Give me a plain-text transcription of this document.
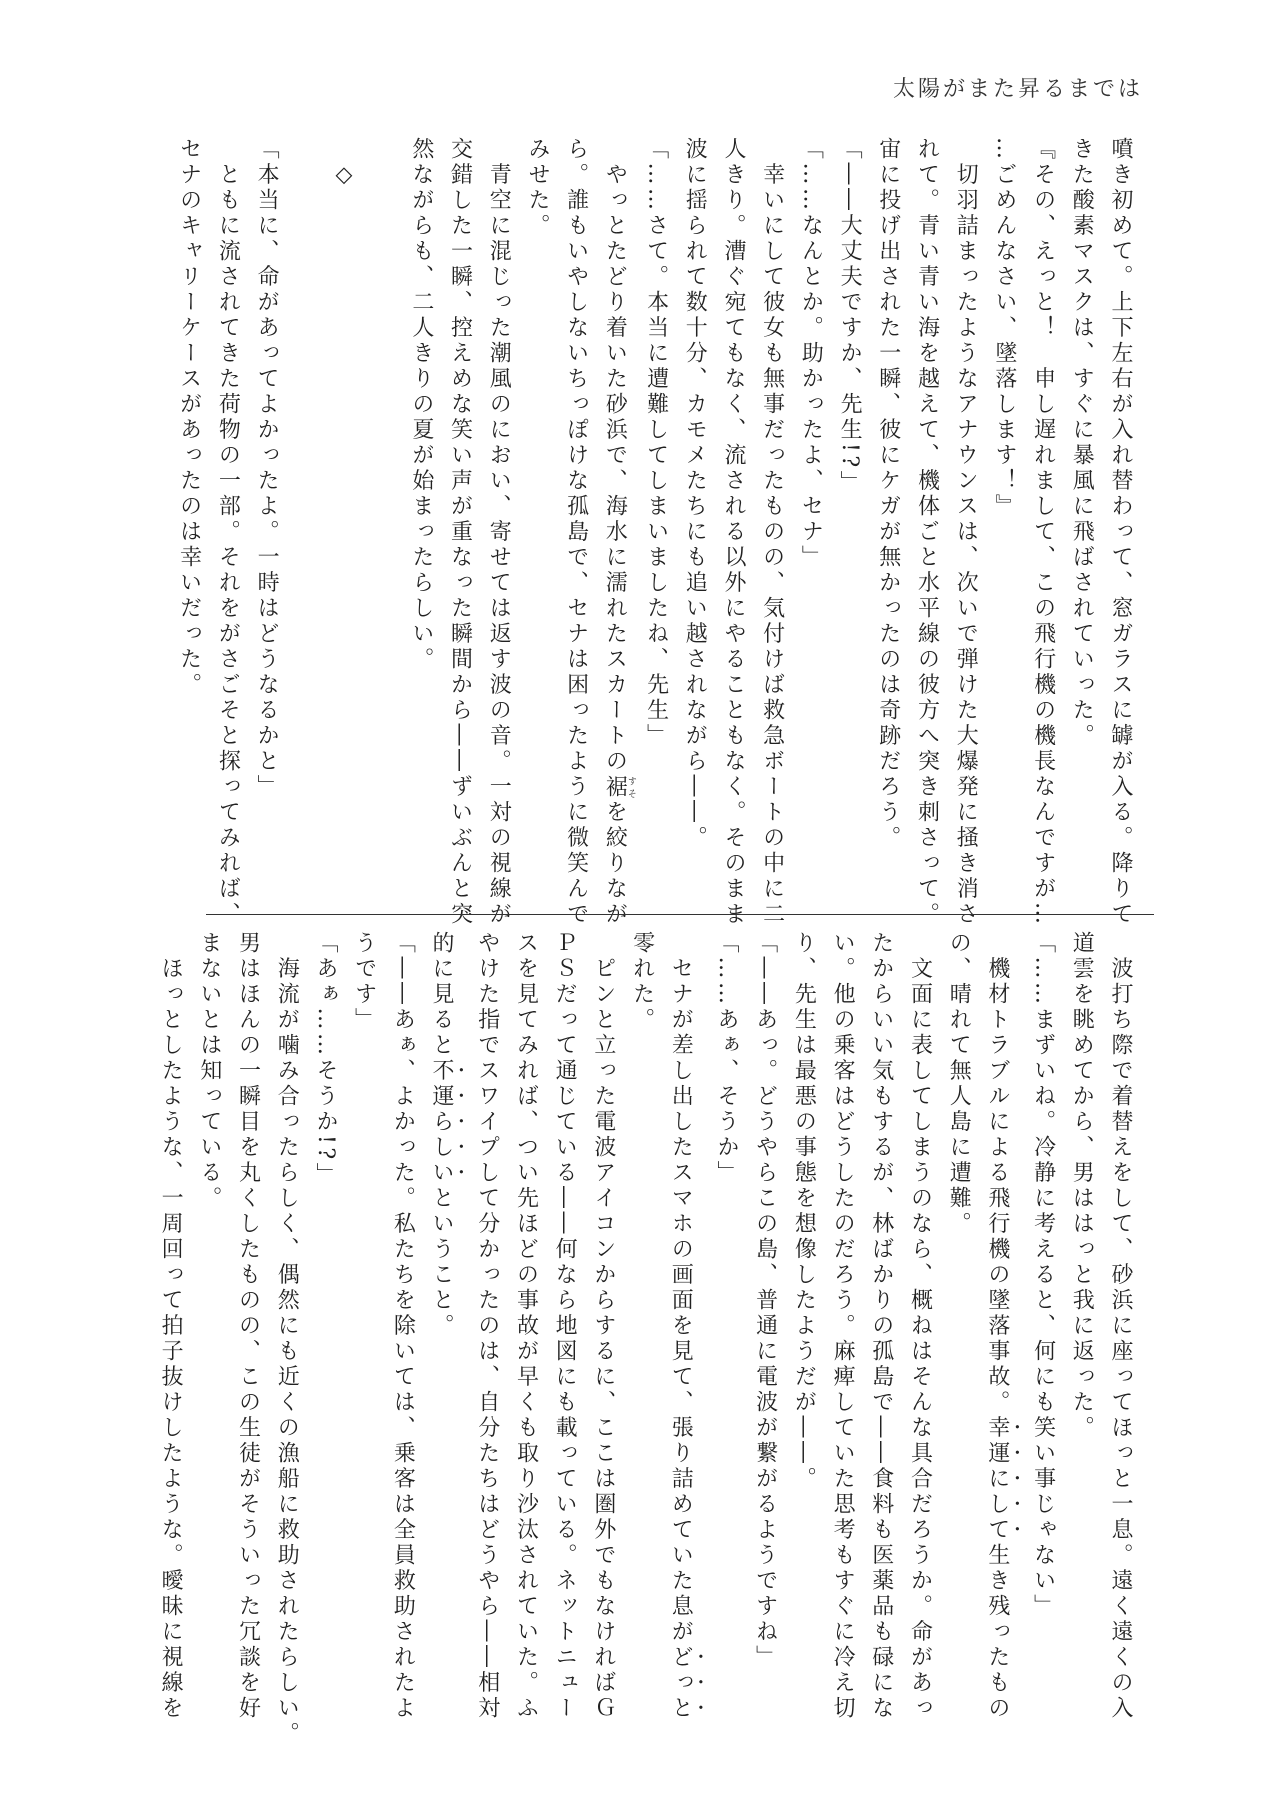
太陽がまた昇るまでは
噴き初めて。上下左右が入れ替わって、窓ガラスに罅が入る。降りて
きた酸素マスクは、すぐに暴風に飛ばされていった。
『その、えっと！　申し遅れまして、この飛行機の機長なんですが…
…ごめんなさい、墜落します！』
　切羽詰まったようなアナウンスは、次いで弾けた大爆発に掻き消さ
れて。青い青い海を越えて、機体ごと水平線の彼方へ突き刺さって。
宙に投げ出された一瞬、彼にケガが無かったのは奇跡だろう。
「――大丈夫ですか、先生!?」
「……なんとか。助かったよ、セナ」
　幸いにして彼女も無事だったものの、気付けば救急ボートの中に二
人きり。漕ぐ宛てもなく、流される以外にやることもなく。そのまま
波に揺られて数十分、カモメたちにも追い越されながら――。
「……さて。本当に遭難してしまいましたね、先生」
　やっとたどり着いた砂浜で、海水に濡れたスカートの裾すそを絞りなが
ら。誰もいやしないちっぽけな孤島で、セナは困ったように微笑んで
みせた。
　青空に混じった潮風のにおい、寄せては返す波の音。一対の視線が
交錯した一瞬、控えめな笑い声が重なった瞬間から――ずいぶんと突
然ながらも、二人きりの夏が始まったらしい。
　◇
「本当に、命があってよかったよ。一時はどうなるかと」
　ともに流されてきた荷物の一部。それをがさごそと探ってみれば、
セナのキャリーケースがあったのは幸いだった。
　波打ち際で着替えをして、砂浜に座ってほっと一息。遠く遠くの入
道雲を眺めてから、男ははっと我に返った。
「……まずいね。冷静に考えると、何にも笑い事じゃない」
　機材トラブルによる飛行機の墜落事故。幸運にして生き残ったもの
の、晴れて無人島に遭難。
　文面に表してしまうのなら、概ねはそんな具合だろうか。命があっ
たからいい気もするが、林ばかりの孤島で――食料も医薬品も碌にな
い。他の乗客はどうしたのだろう。麻痺していた思考もすぐに冷え切
り、先生は最悪の事態を想像したようだが――。
「――あっ。どうやらこの島、普通に電波が繋がるようですね」
「……あぁ、そうか」
　セナが差し出したスマホの画面を見て、張り詰めていた息がどっと
零れた。
　ピンと立った電波アイコンからするに、ここは圏外でもなければＧ
ＰＳだって通じている――何なら地図にも載っている。ネットニュー
スを見てみれば、つい先ほどの事故が早くも取り沙汰されていた。ふ
やけた指でスワイプして分かったのは、自分たちはどうやら――相対
的に見ると不運らしいということ。
「――あぁ、よかった。私たちを除いては、乗客は全員救助されたよ
うです」
「あぁ……そうか!?」
　海流が噛み合ったらしく、偶然にも近くの漁船に救助されたらしい。
男はほんの一瞬目を丸くしたものの、この生徒がそういった冗談を好
まないとは知っている。
　ほっとしたような、一周回って拍子抜けしたような。曖昧に視線を
